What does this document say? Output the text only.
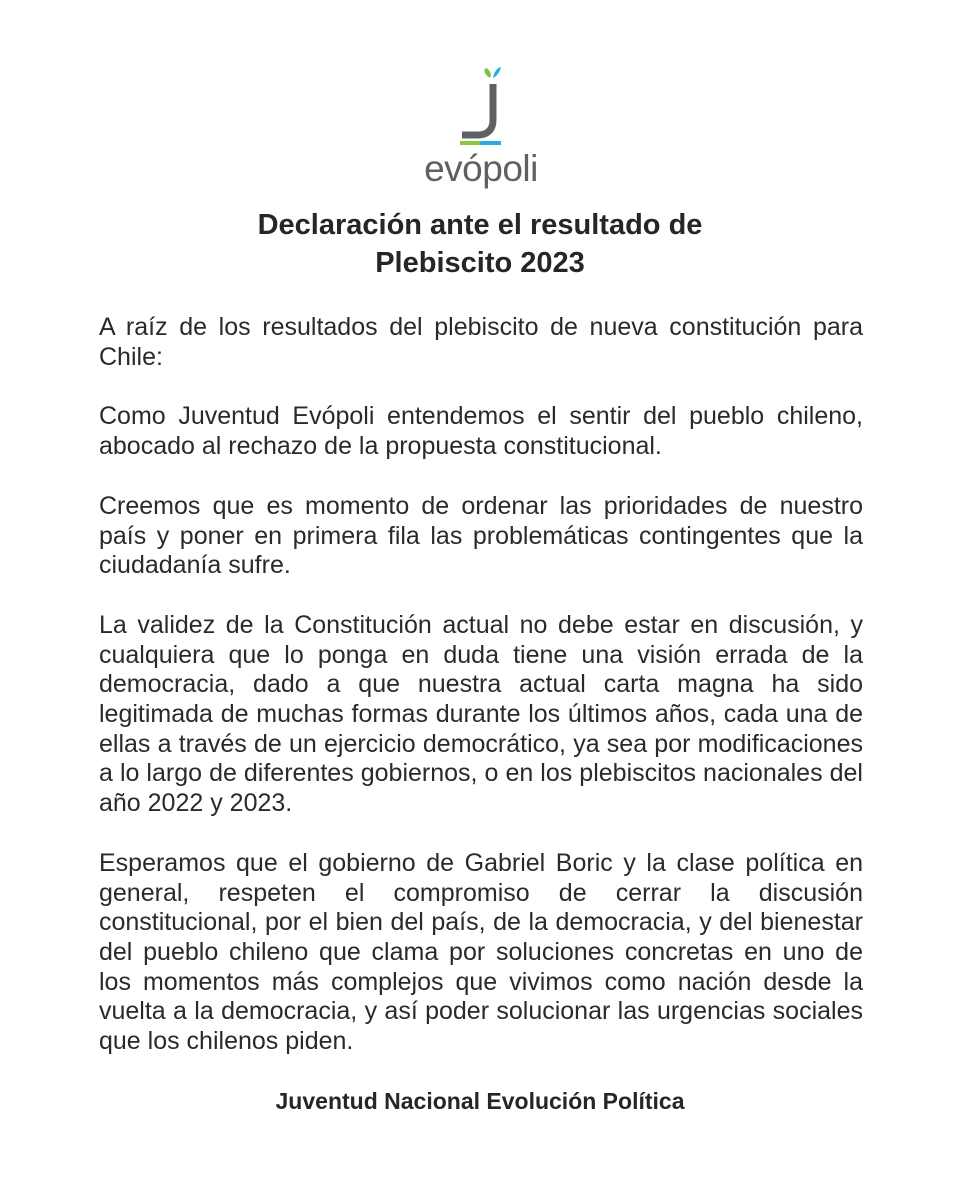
evópoli
Declaración ante el resultado de
Plebiscito 2023

A raíz de los resultados del plebiscito de nueva constitución para Chile:

Como Juventud Evópoli entendemos el sentir del pueblo chileno, abocado al rechazo de la propuesta constitucional.

Creemos que es momento de ordenar las prioridades de nuestro país y poner en primera fila las problemáticas contingentes que la ciudadanía sufre.

La validez de la Constitución actual no debe estar en discusión, y cualquiera que lo ponga en duda tiene una visión errada de la democracia, dado a que nuestra actual carta magna ha sido legitimada de muchas formas durante los últimos años, cada una de ellas a través de un ejercicio democrático, ya sea por modificaciones a lo largo de diferentes gobiernos, o en los plebiscitos nacionales del año 2022 y 2023.

Esperamos que el gobierno de Gabriel Boric y la clase política en general, respeten el compromiso de cerrar la discusión constitucional, por el bien del país, de la democracia, y del bienestar del pueblo chileno que clama por soluciones concretas en uno de los momentos más complejos que vivimos como nación desde la vuelta a la democracia, y así poder solucionar las urgencias sociales que los chilenos piden.

Juventud Nacional Evolución Política
